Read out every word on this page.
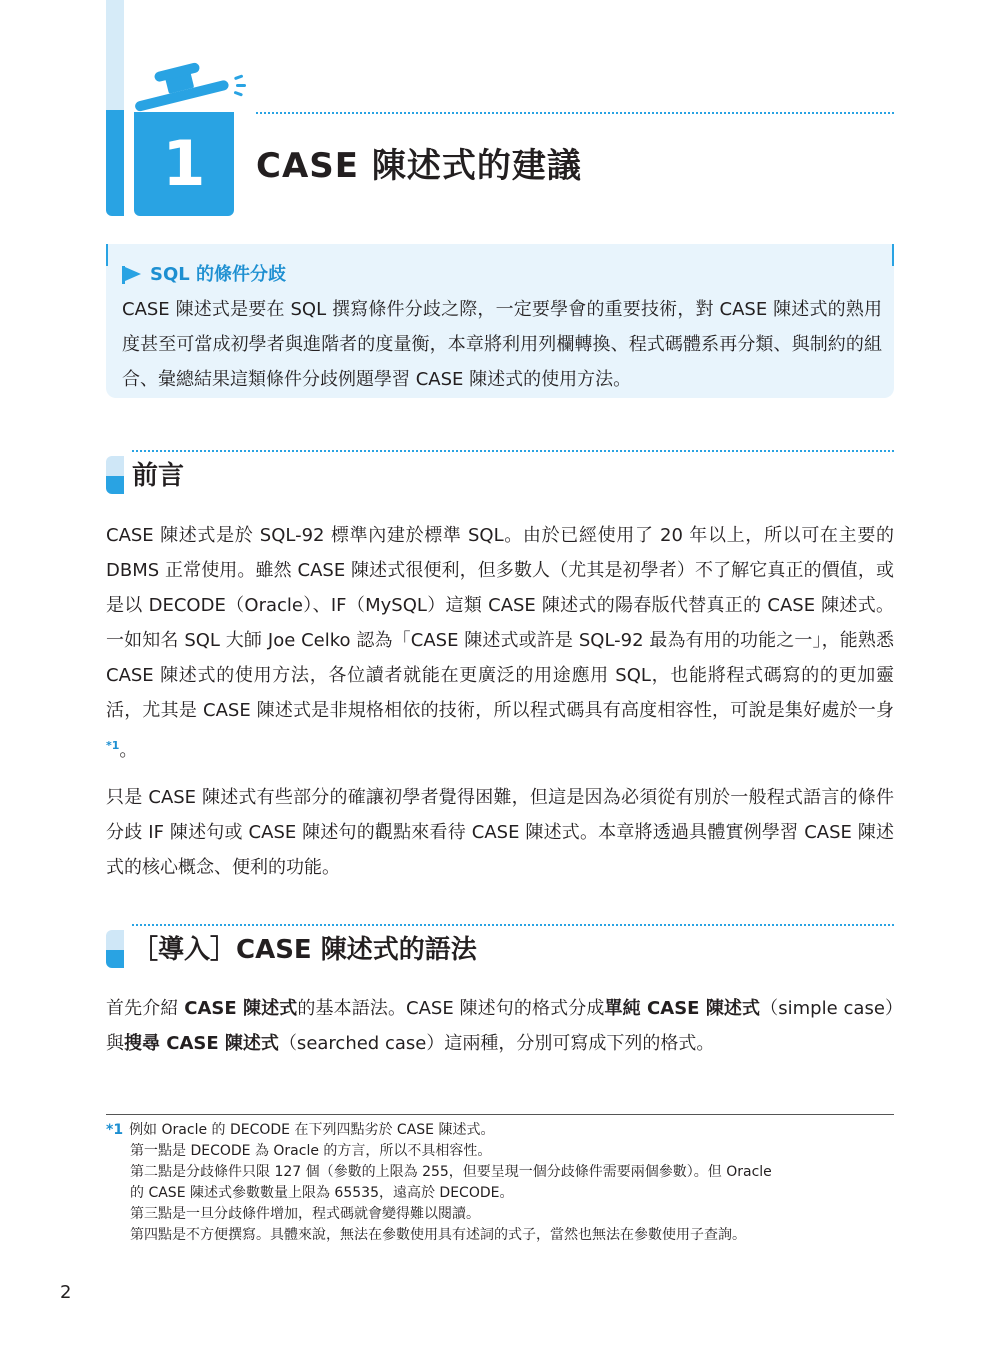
1	CASE 陳述式的建議
SQL 的條件分歧

CASE 陳述式是要在 SQL 撰寫條件分歧之際，一定要學會的重要技術，對 CASE 陳述式的熟用度甚至可當成初學者與進階者的度量衡，本章將利用列欄轉換、程式碼體系再分類、與制約的組合、彙總結果這類條件分歧例題學習 CASE 陳述式的使用方法。

前言

CASE 陳述式是於 SQL-92 標準內建於標準 SQL。由於已經使用了 20 年以上，所以可在主要的 DBMS 正常使用。雖然 CASE 陳述式很便利，但多數人（尤其是初學者）不了解它真正的價值，或是以 DECODE（Oracle）、IF（MySQL）這類 CASE 陳述式的陽春版代替真正的 CASE 陳述式。一如知名 SQL 大師 Joe Celko 認為「CASE 陳述式或許是 SQL-92 最為有用的功能之一」，能熟悉 CASE 陳述式的使用方法，各位讀者就能在更廣泛的用途應用 SQL，也能將程式碼寫的的更加靈活，尤其是 CASE 陳述式是非規格相依的技術，所以程式碼具有高度相容性，可說是集好處於一身$^{*1}$。

只是 CASE 陳述式有些部分的確讓初學者覺得困難，但這是因為必須從有別於一般程式語言的條件分歧 IF 陳述句或 CASE 陳述句的觀點來看待 CASE 陳述式。本章將透過具體實例學習 CASE 陳述式的核心概念、便利的功能。

［導入］CASE 陳述式的語法

首先介紹 CASE 陳述式的基本語法。CASE 陳述句的格式分成單純 CASE 陳述式（simple case）與搜尋 CASE 陳述式（searched case）這兩種，分別可寫成下列的格式。

*1 例如 Oracle 的 DECODE 在下列四點劣於 CASE 陳述式。
第一點是 DECODE 為 Oracle 的方言，所以不具相容性。
第二點是分歧條件只限 127 個（參數的上限為 255，但要呈現一個分歧條件需要兩個參數）。但 Oracle
的 CASE 陳述式參數數量上限為 65535，遠高於 DECODE。
第三點是一旦分歧條件增加，程式碼就會變得難以閱讀。
第四點是不方便撰寫。具體來說，無法在參數使用具有述詞的式子，當然也無法在參數使用子查詢。
2
